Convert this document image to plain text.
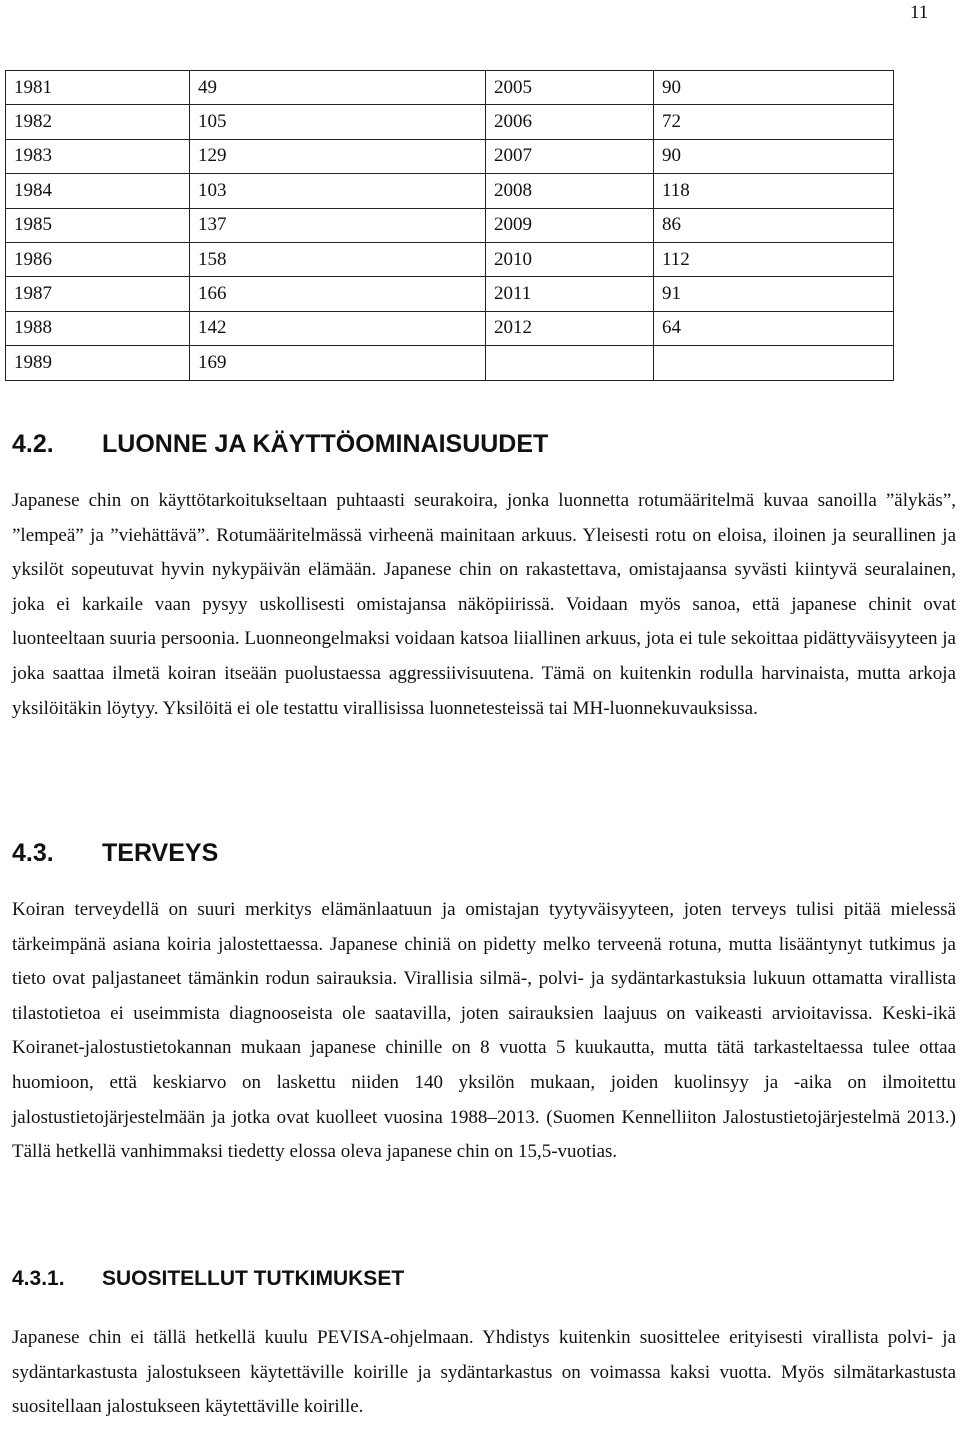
11
1981	49	2005	90
1982	105	2006	72
1983	129	2007	90
1984	103	2008	118
1985	137	2009	86
1986	158	2010	112
1987	166	2011	91
1988	142	2012	64
1989	169		
4.2. LUONNE JA KÄYTTÖOMINAISUUDET

Japanese chin on käyttötarkoitukseltaan puhtaasti seurakoira, jonka luonnetta rotumääritelmä kuvaa sanoilla ”älykäs”, ”lempeä” ja ”viehättävä”. Rotumääritelmässä virheenä mainitaan arkuus. Yleisesti rotu on eloisa, iloinen ja seurallinen ja yksilöt sopeutuvat hyvin nykypäivän elämään. Japanese chin on rakastettava, omistajaansa syvästi kiintyvä seuralainen, joka ei karkaile vaan pysyy uskollisesti omistajansa näköpiirissä. Voidaan myös sanoa, että japanese chinit ovat luonteeltaan suuria persoonia. Luonneongelmaksi voidaan katsoa liiallinen arkuus, jota ei tule sekoittaa pidättyväisyyteen ja joka saattaa ilmetä koiran itseään puolustaessa aggressiivisuutena. Tämä on kuitenkin rodulla harvinaista, mutta arkoja yksilöitäkin löytyy. Yksilöitä ei ole testattu virallisissa luonnetesteissä tai MH-luonnekuvauksissa.

4.3. TERVEYS

Koiran terveydellä on suuri merkitys elämänlaatuun ja omistajan tyytyväisyyteen, joten terveys tulisi pitää mielessä tärkeimpänä asiana koiria jalostettaessa. Japanese chiniä on pidetty melko terveenä rotuna, mutta lisääntynyt tutkimus ja tieto ovat paljastaneet tämänkin rodun sairauksia. Virallisia silmä-, polvi- ja sydäntarkastuksia lukuun ottamatta virallista tilastotietoa ei useimmista diagnooseista ole saatavilla, joten sairauksien laajuus on vaikeasti arvioitavissa. Keski-ikä Koiranet-jalostustietokannan mukaan japanese chinille on 8 vuotta 5 kuukautta, mutta tätä tarkasteltaessa tulee ottaa huomioon, että keskiarvo on laskettu niiden 140 yksilön mukaan, joiden kuolinsyy ja -aika on ilmoitettu jalostustietojärjestelmään ja jotka ovat kuolleet vuosina 1988–2013. (Suomen Kennelliiton Jalostustietojärjestelmä 2013.) Tällä hetkellä vanhimmaksi tiedetty elossa oleva japanese chin on 15,5-vuotias.

4.3.1. SUOSITELLUT TUTKIMUKSET

Japanese chin ei tällä hetkellä kuulu PEVISA-ohjelmaan. Yhdistys kuitenkin suosittelee erityisesti virallista polvi- ja sydäntarkastusta jalostukseen käytettäville koirille ja sydäntarkastus on voimassa kaksi vuotta. Myös silmätarkastusta suositellaan jalostukseen käytettäville koirille.
